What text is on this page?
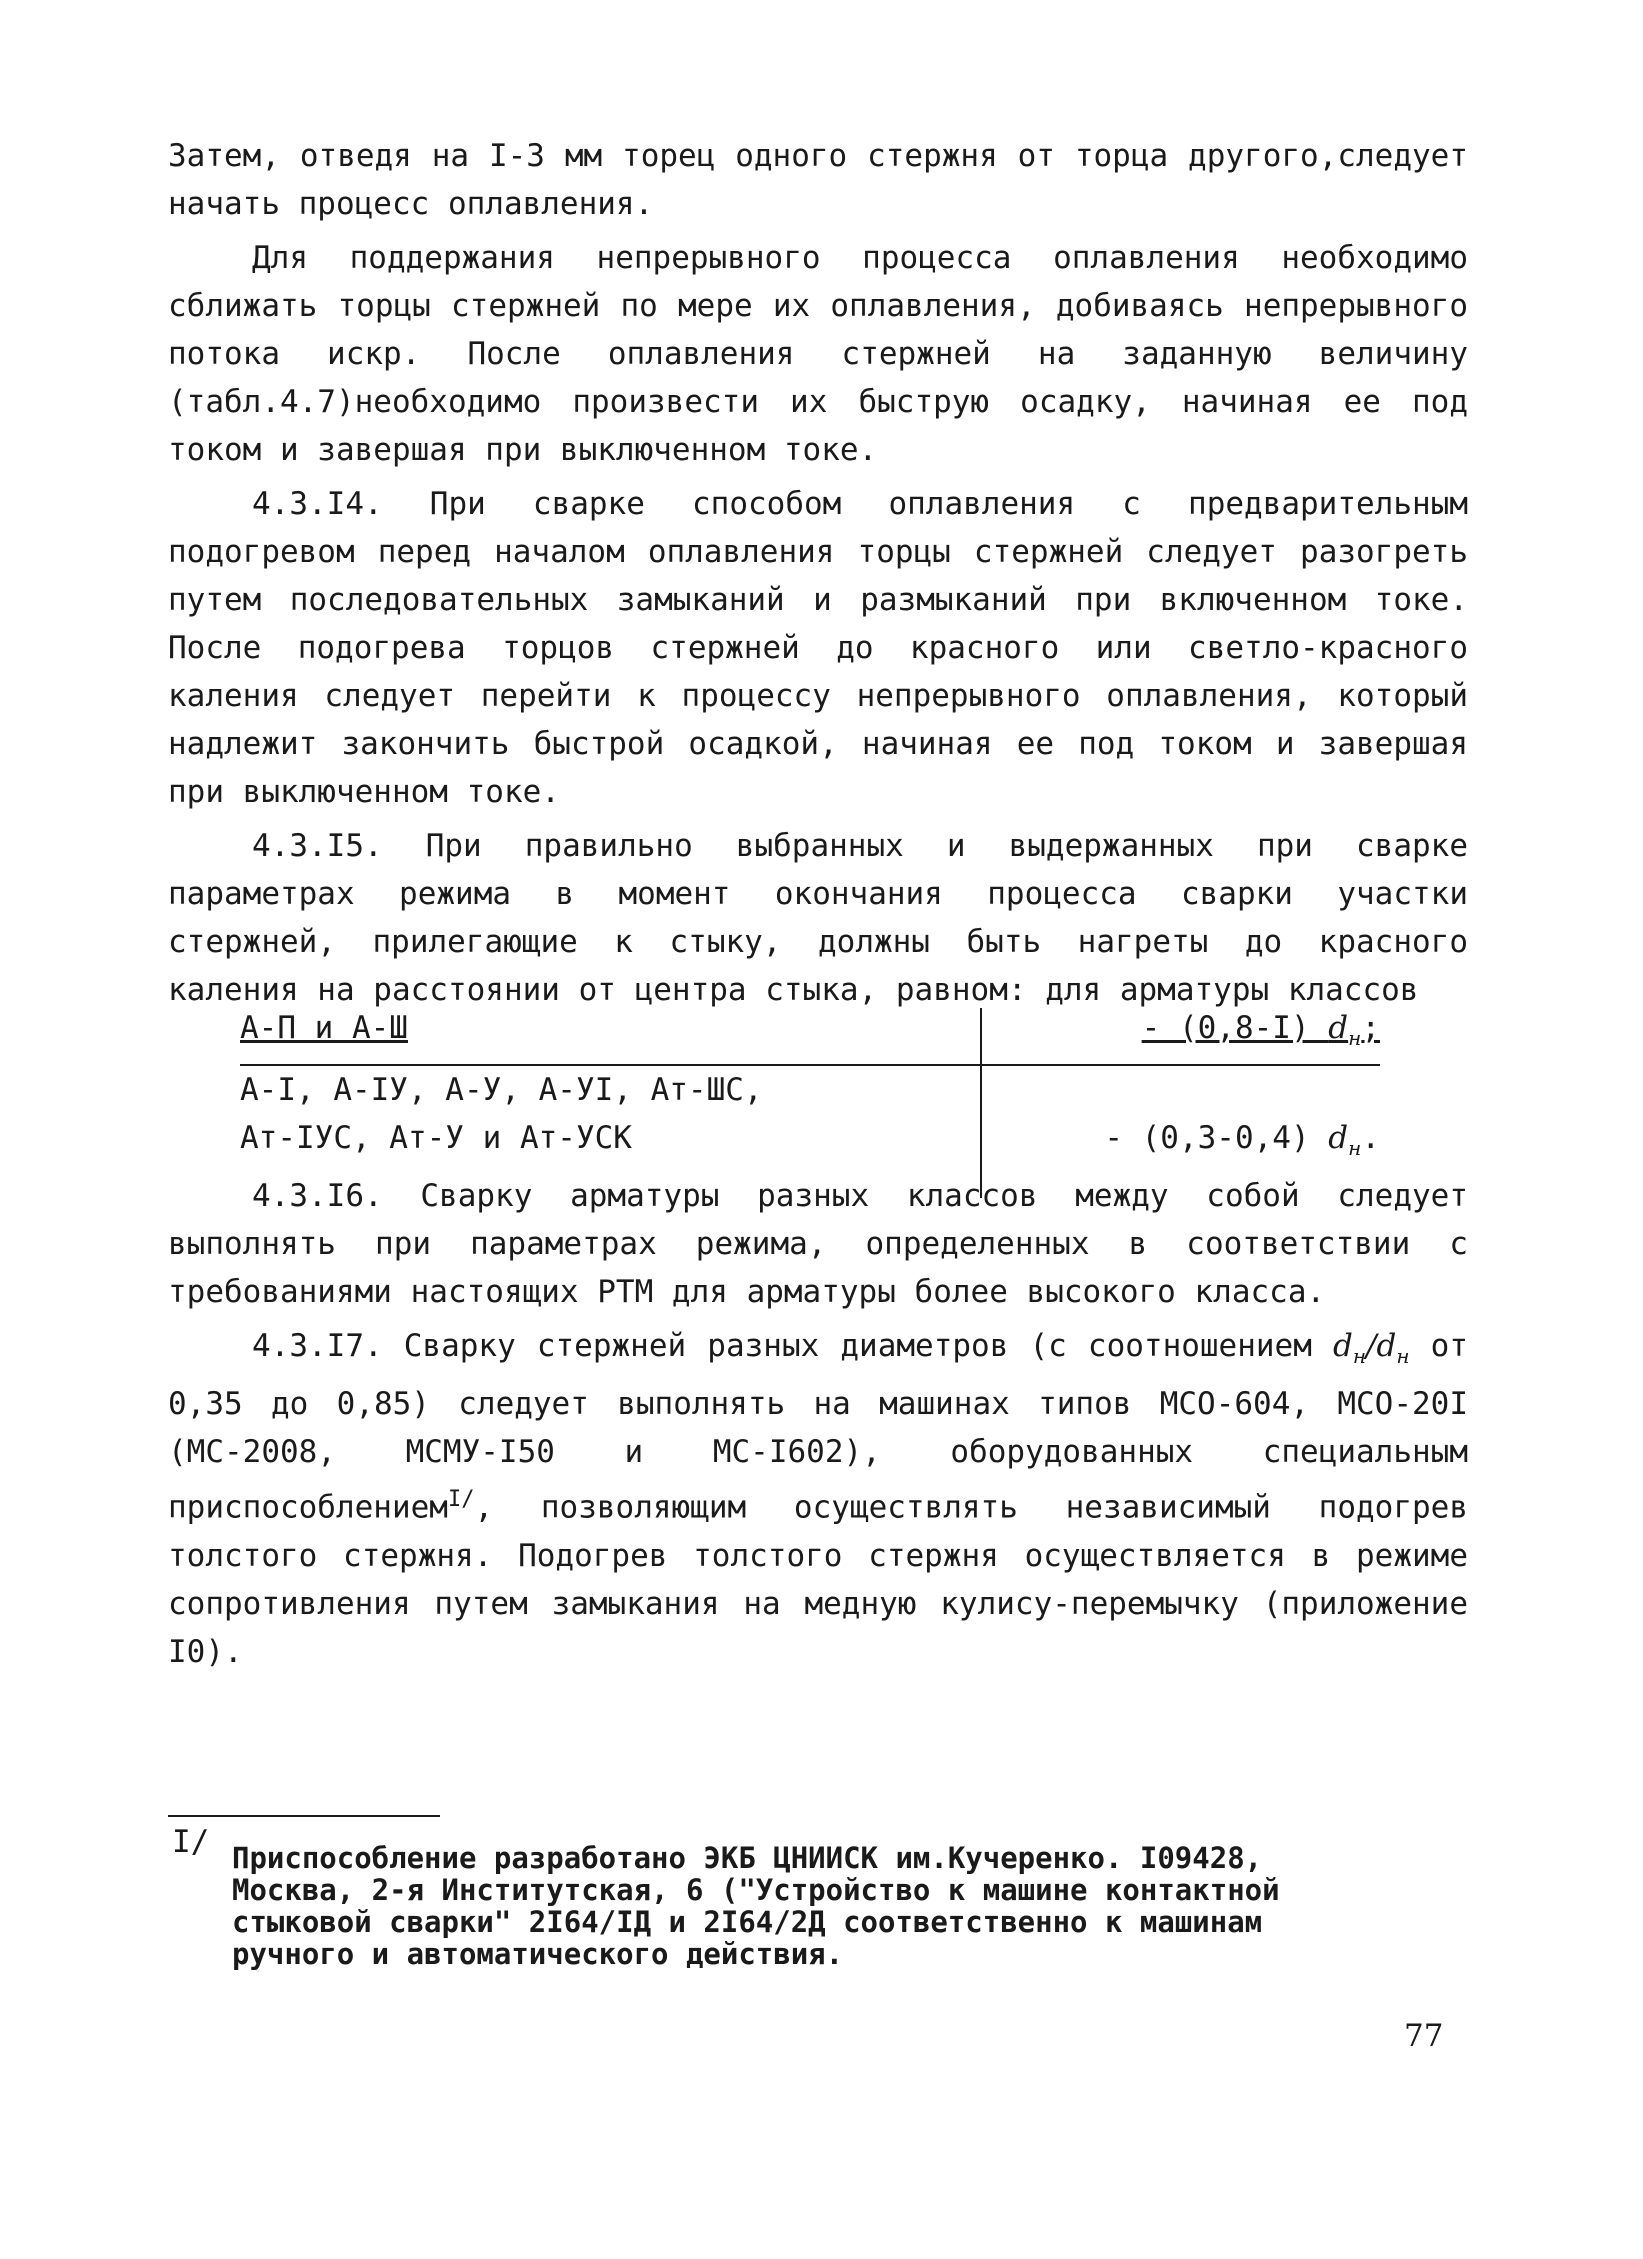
Затем, отведя на I-3 мм торец одного стержня от торца другого,следует начать процесс оплавления.

Для поддержания непрерывного процесса оплавления необходимо сближать торцы стержней по мере их оплавления, добиваясь непрерывного потока искр. После оплавления стержней на заданную величину (табл.4.7)необходимо произвести их быструю осадку, начиная ее под током и завершая при выключенном токе.

4.3.I4. При сварке способом оплавления с предварительным подогревом перед началом оплавления торцы стержней следует разогреть путем последовательных замыканий и размыканий при включенном токе. После подогрева торцов стержней до красного или светло-красного каления следует перейти к процессу непрерывного оплавления, который надлежит закончить быстрой осадкой, начиная ее под током и завершая при выключенном токе.

4.3.I5. При правильно выбранных и выдержанных при сварке параметрах режима в момент окончания процесса сварки участки стержней, прилегающие к стыку, должны быть нагреты до красного каления на расстоянии от центра стыка, равном: для арматуры классов

А-П и А-Ш	- (0,8-I) $d_н$;
А-I, А-IУ, А-У, А-УI, Ат-ШС,
Ат-IУС, Ат-У и Ат-УСК	- (0,3-0,4) $d_н$.

4.3.I6. Сварку арматуры разных классов между собой следует выполнять при параметрах режима, определенных в соответствии с требованиями настоящих РТМ для арматуры более высокого класса.

4.3.I7. Сварку стержней разных диаметров (с соотношением $d_н/d_н$ от 0,35 до 0,85) следует выполнять на машинах типов МСО-604, МСО-20I (МС-2008, МСМУ-I50 и МС-I602), оборудованных специальным приспособлением$^{I/}$, позволяющим осуществлять независимый подогрев толстого стержня. Подогрев толстого стержня осуществляется в режиме сопротивления путем замыкания на медную кулису-перемычку (приложение I0).

I/ Приспособление разработано ЭКБ ЦНИИСК им.Кучеренко. I09428,
Москва, 2-я Институтская, 6 ("Устройство к машине контактной
стыковой сварки" 2I64/IД и 2I64/2Д соответственно к машинам
ручного и автоматического действия.
77
